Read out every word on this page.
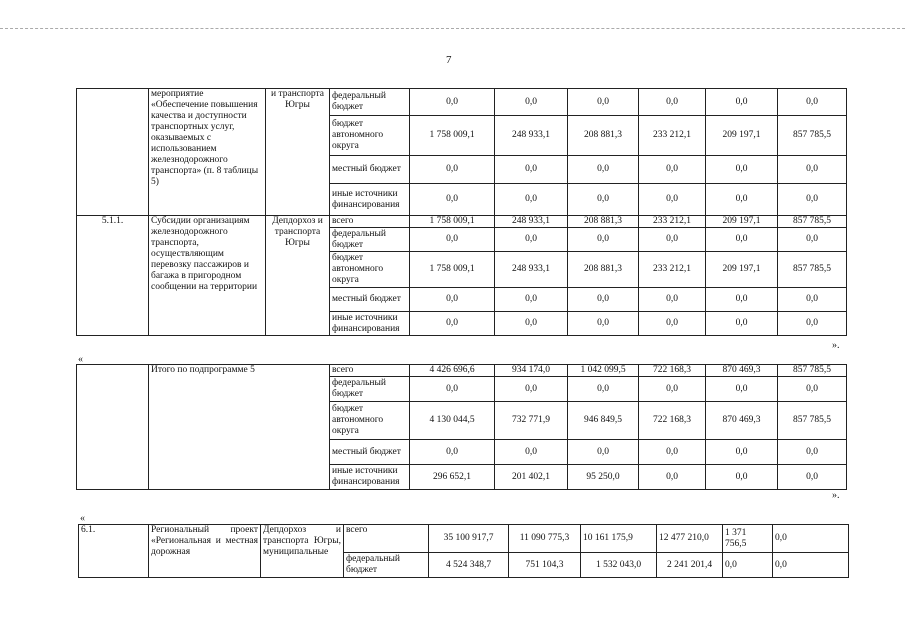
7
	мероприятие «Обеспечение повышения качества и доступности транспортных услуг, оказываемых с использованием железнодорожного транспорта» (п. 8 таблицы 5)	и транспорта Югры	федеральный бюджет	0,0	0,0	0,0	0,0	0,0	0,0
			бюджет автономного округа	1 758 009,1	248 933,1	208 881,3	233 212,1	209 197,1	857 785,5
			местный бюджет	0,0	0,0	0,0	0,0	0,0	0,0
			иные источники финансирования	0,0	0,0	0,0	0,0	0,0	0,0
5.1.1.	Субсидии организациям железнодорожного транспорта, осуществляющим перевозку пассажиров и багажа в пригородном сообщении на территории	Депдорхоз и транспорта Югры	всего	1 758 009,1	248 933,1	208 881,3	233 212,1	209 197,1	857 785,5
			федеральный бюджет	0,0	0,0	0,0	0,0	0,0	0,0
			бюджет автономного округа	1 758 009,1	248 933,1	208 881,3	233 212,1	209 197,1	857 785,5
			местный бюджет	0,0	0,0	0,0	0,0	0,0	0,0
			иные источники финансирования	0,0	0,0	0,0	0,0	0,0	0,0
».
«
	Итого по подпрограмме 5	всего	4 426 696,6	934 174,0	1 042 099,5	722 168,3	870 469,3	857 785,5
		федеральный бюджет	0,0	0,0	0,0	0,0	0,0	0,0
		бюджет автономного округа	4 130 044,5	732 771,9	946 849,5	722 168,3	870 469,3	857 785,5
		местный бюджет	0,0	0,0	0,0	0,0	0,0	0,0
		иные источники финансирования	296 652,1	201 402,1	95 250,0	0,0	0,0	0,0
».
«
6.1.	Региональный проект «Региональная и местная дорожная	Депдорхоз и транспорта Югры, муниципальные	всего	35 100 917,7	11 090 775,3	10 161 175,9	12 477 210,0	1 371 756,5	0,0
			федеральный бюджет	4 524 348,7	751 104,3	1 532 043,0	2 241 201,4	0,0	0,0
